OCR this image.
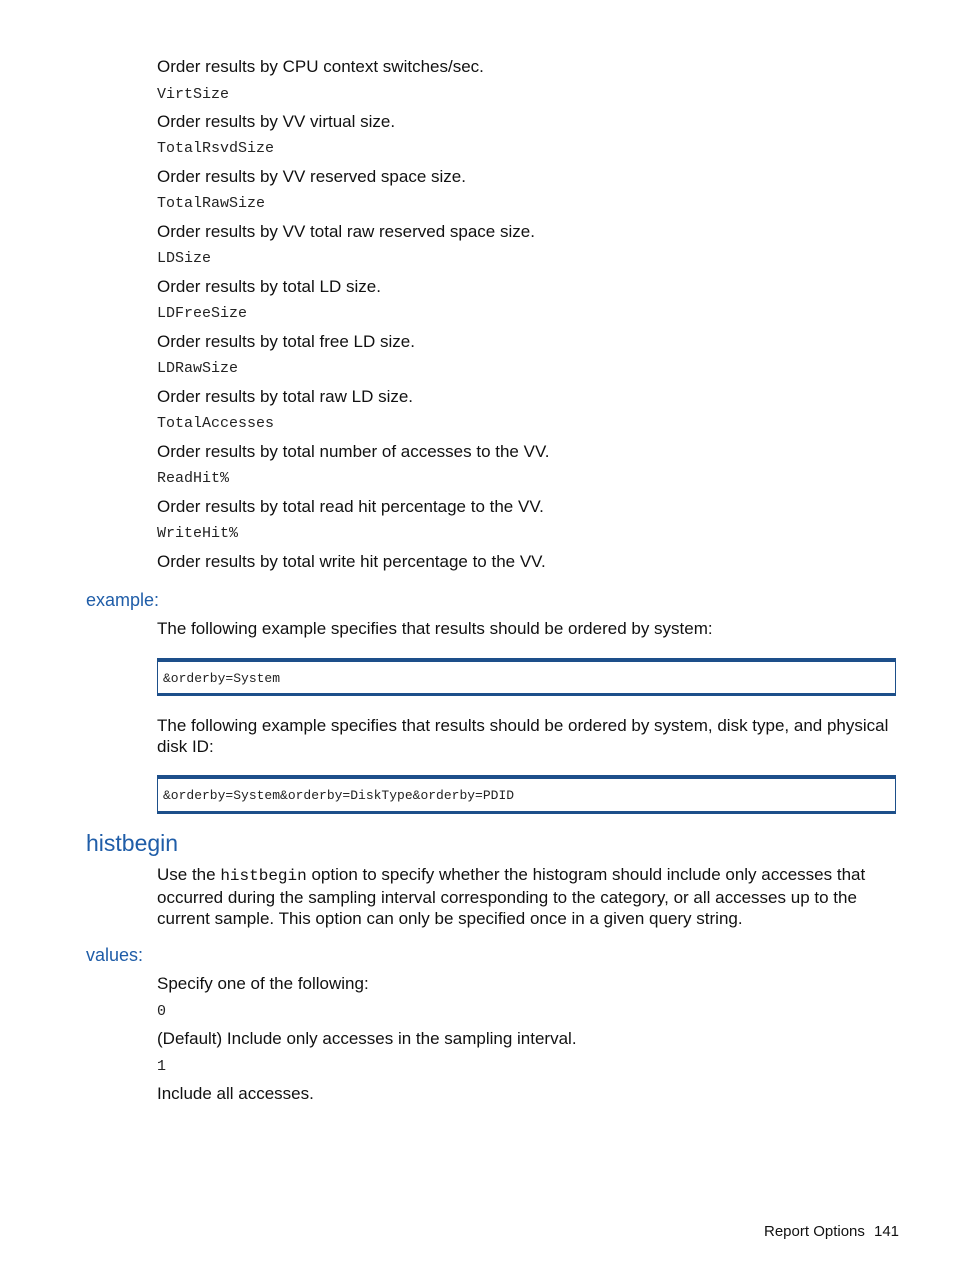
Order results by CPU context switches/sec.
VirtSize
Order results by VV virtual size.
TotalRsvdSize
Order results by VV reserved space size.
TotalRawSize
Order results by VV total raw reserved space size.
LDSize
Order results by total LD size.
LDFreeSize
Order results by total free LD size.
LDRawSize
Order results by total raw LD size.
TotalAccesses
Order results by total number of accesses to the VV.
ReadHit%
Order results by total read hit percentage to the VV.
WriteHit%
Order results by total write hit percentage to the VV.
example:
The following example specifies that results should be ordered by system:
&orderby=System
The following example specifies that results should be ordered by system, disk type, and physical disk ID:
&orderby=System&orderby=DiskType&orderby=PDID
histbegin
Use the histbegin option to specify whether the histogram should include only accesses that occurred during the sampling interval corresponding to the category, or all accesses up to the current sample. This option can only be specified once in a given query string.
values:
Specify one of the following:
0
(Default) Include only accesses in the sampling interval.
1
Include all accesses.
Report Options 141
